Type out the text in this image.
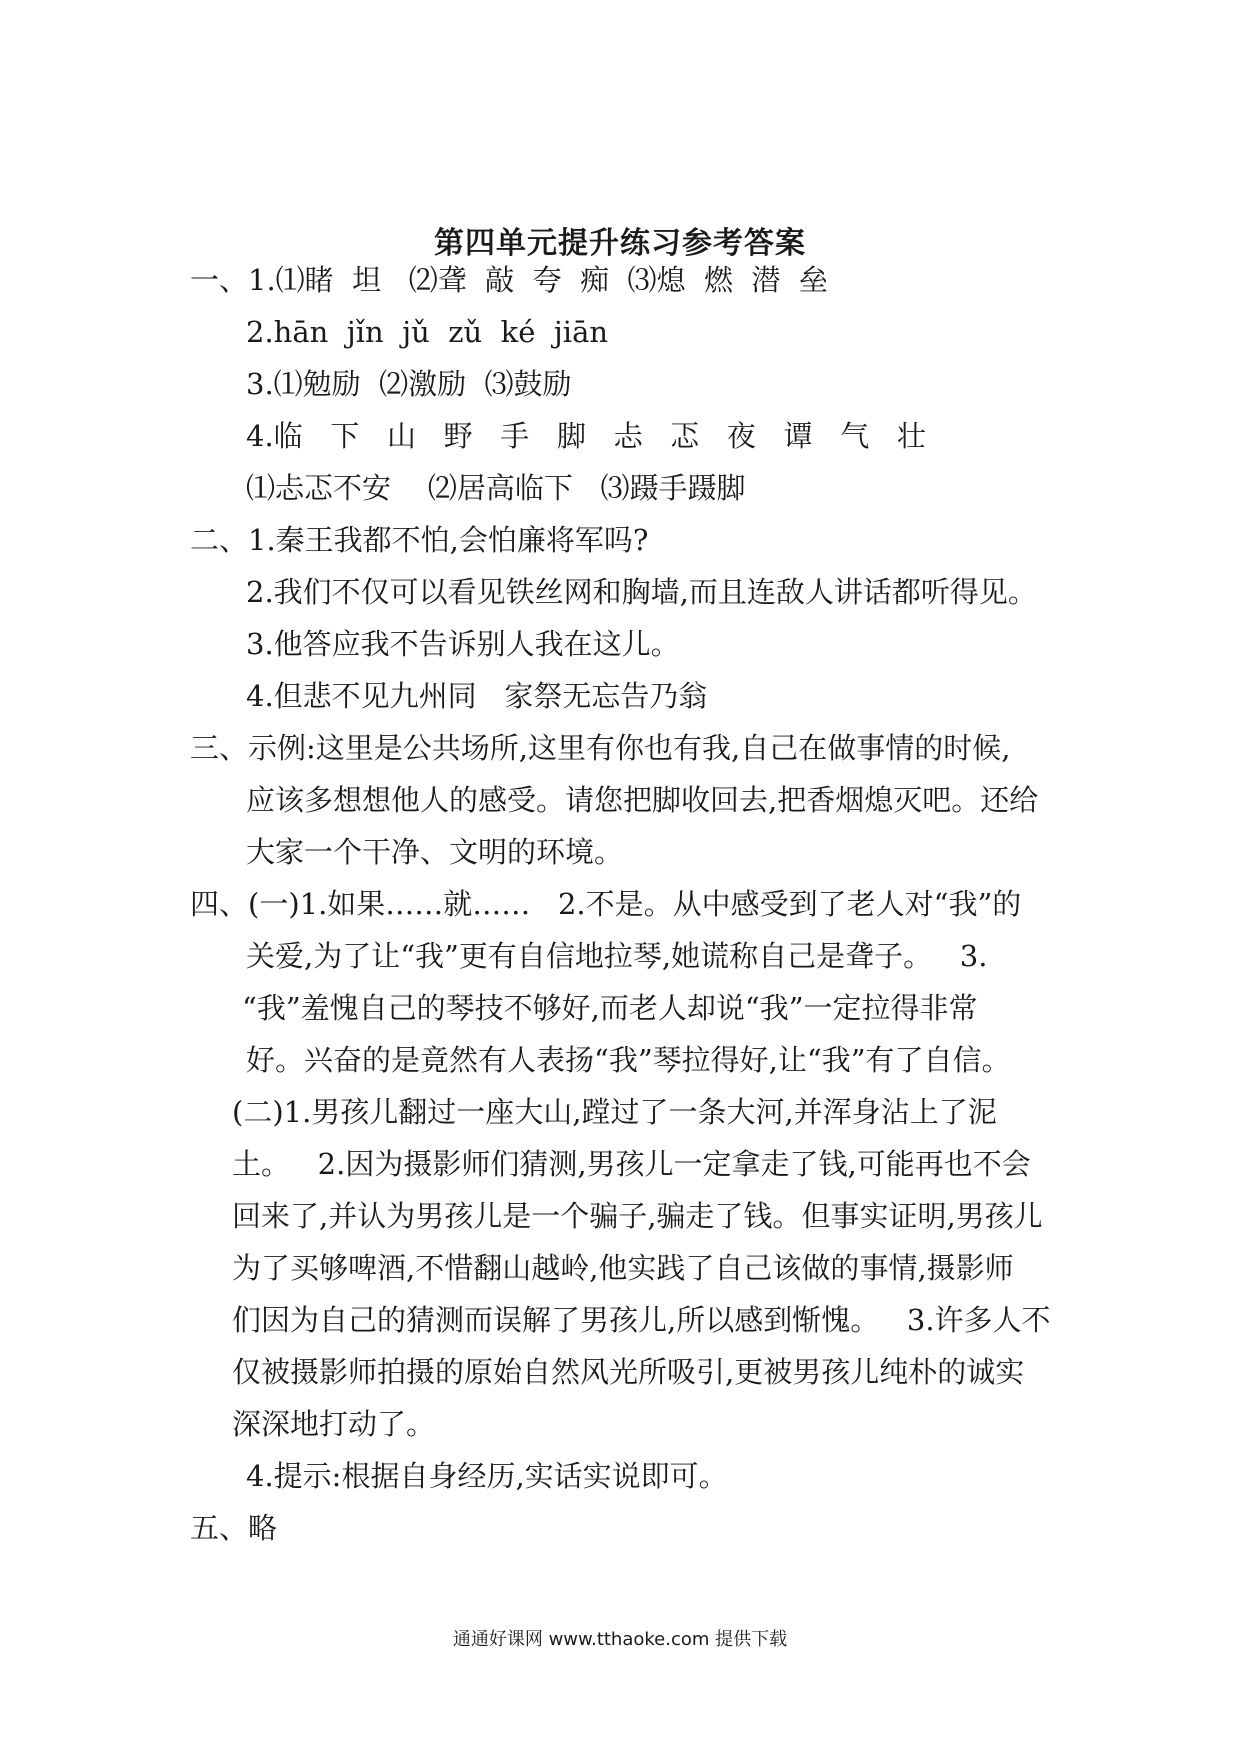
第四单元提升练习参考答案
一、1.⑴睹  坦   ⑵聋  敲  夸  痴  ⑶熄  燃  潜  垒
2.hān  jǐn  jǔ  zǔ  ké  jiān
3.⑴勉励  ⑵激励  ⑶鼓励
4.临   下   山   野   手   脚   忐   忑   夜   谭   气   壮
⑴忐忑不安    ⑵居高临下   ⑶蹑手蹑脚
二、1.秦王我都不怕,会怕廉将军吗?
2.我们不仅可以看见铁丝网和胸墙,而且连敌人讲话都听得见。
3.他答应我不告诉别人我在这儿。
4.但悲不见九州同   家祭无忘告乃翁
三、示例:这里是公共场所,这里有你也有我,自己在做事情的时候,
应该多想想他人的感受。请您把脚收回去,把香烟熄灭吧。还给
大家一个干净、文明的环境。
四、(一)1.如果……就……   2.不是。从中感受到了老人对“我”的
关爱,为了让“我”更有自信地拉琴,她谎称自己是聋子。   3.
“我”羞愧自己的琴技不够好,而老人却说“我”一定拉得非常
好。兴奋的是竟然有人表扬“我”琴拉得好,让“我”有了自信。
(二)1.男孩儿翻过一座大山,蹚过了一条大河,并浑身沾上了泥
土。   2.因为摄影师们猜测,男孩儿一定拿走了钱,可能再也不会
回来了,并认为男孩儿是一个骗子,骗走了钱。但事实证明,男孩儿
为了买够啤酒,不惜翻山越岭,他实践了自己该做的事情,摄影师
们因为自己的猜测而误解了男孩儿,所以感到惭愧。   3.许多人不
仅被摄影师拍摄的原始自然风光所吸引,更被男孩儿纯朴的诚实
深深地打动了。
4.提示:根据自身经历,实话实说即可。
五、略
通通好课网 www.tthaoke.com 提供下载
